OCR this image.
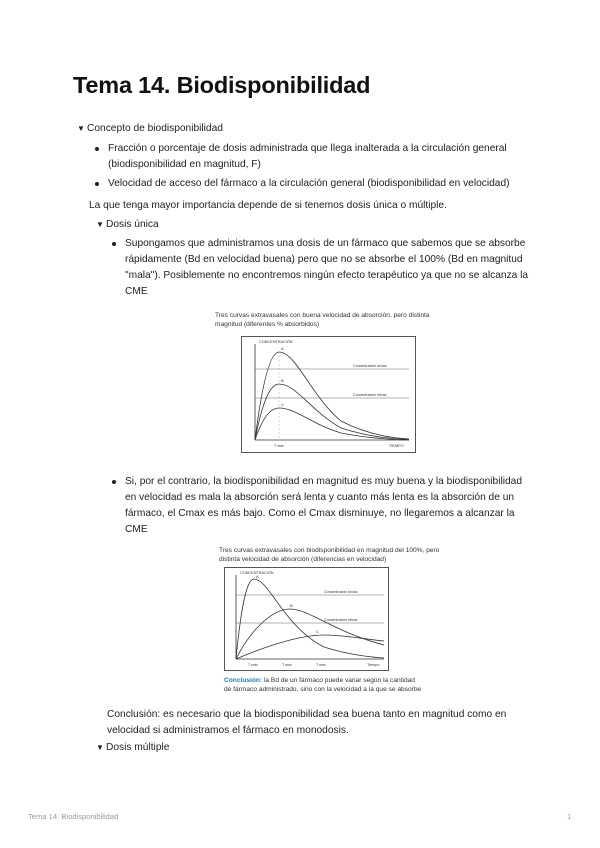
Tema 14. Biodisponibilidad
▼ Concepto de biodisponibilidad
Fracción o porcentaje de dosis administrada que llega inalterada a la circulación general (biodisponibilidad en magnitud, F)
Velocidad de acceso del fármaco a la circulación general (biodisponibilidad en velocidad)
La que tenga mayor importancia depende de si tenemos dosis única o múltiple.
▼ Dosis única
Supongamos que administramos una dosis de un fármaco que sabemos que se absorbe rápidamente (Bd en velocidad buena) pero que no se absorbe el 100% (Bd en magnitud "mala"). Posiblemente no encontremos ningún efecto terapéutico ya que no se alcanza la CME
Tres curvas extravasales con buena velocidad de absorción, pero distinta magnitud (diferentes % absorbidos)
CONCENTRACIÓN
Concentración tóxica
Concentración eficaz
A
B
C
T máx	TIEMPO
Si, por el contrario, la biodisponibilidad en magnitud es muy buena y la biodisponibilidad en velocidad es mala la absorción será lenta y cuanto más lenta es la absorción de un fármaco, el Cmax es más bajo. Como el Cmax disminuye, no llegaremos a alcanzar la CME
Tres curvas extravasales con biodisponibilidad en magnitud del 100%, pero distinta velocidad de absorción (diferencias en velocidad)
CONCENTRACIÓN
Concentración tóxica
Concentración eficaz
A
B
C
T máx	T máx	T máx	Tiempo
Conclusión: la Bd de un fármaco puede variar según la cantidad de fármaco administrado, sino con la velocidad a la que se absorbe
Conclusión: es necesario que la biodisponibilidad sea buena tanto en magnitud como en velocidad si administramos el fármaco en monodosis.
▼ Dosis múltiple
Tema 14. Biodisponibilidad	1
